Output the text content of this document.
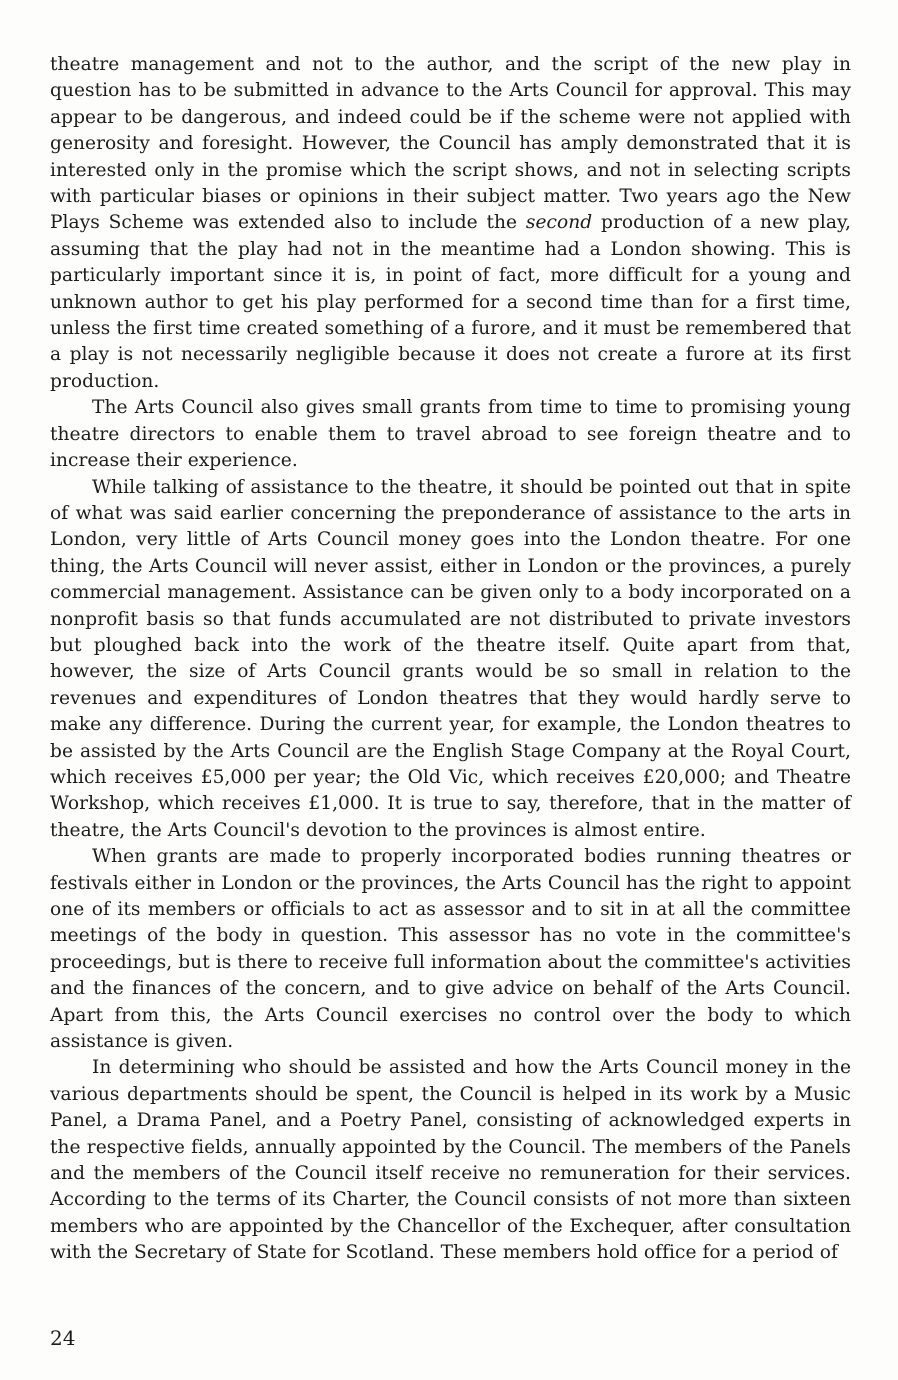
theatre management and not to the author, and the script of the new play in question has to be submitted in advance to the Arts Council for approval. This may appear to be dangerous, and indeed could be if the scheme were not applied with generosity and foresight. However, the Council has amply demonstrated that it is interested only in the promise which the script shows, and not in selecting scripts with particular biases or opinions in their subject matter. Two years ago the New Plays Scheme was extended also to include the second production of a new play, assuming that the play had not in the meantime had a London showing. This is particularly important since it is, in point of fact, more difficult for a young and unknown author to get his play performed for a second time than for a first time, unless the first time created something of a furore, and it must be remembered that a play is not necessarily negligible because it does not create a furore at its first production.

The Arts Council also gives small grants from time to time to promising young theatre directors to enable them to travel abroad to see foreign theatre and to increase their experience.

While talking of assistance to the theatre, it should be pointed out that in spite of what was said earlier concerning the preponderance of assistance to the arts in London, very little of Arts Council money goes into the London theatre. For one thing, the Arts Council will never assist, either in London or the provinces, a purely commercial management. Assistance can be given only to a body incorporated on a nonprofit basis so that funds accumulated are not distributed to private investors but ploughed back into the work of the theatre itself. Quite apart from that, however, the size of Arts Council grants would be so small in relation to the revenues and expenditures of London theatres that they would hardly serve to make any difference. During the current year, for example, the London theatres to be assisted by the Arts Council are the English Stage Company at the Royal Court, which receives £5,000 per year; the Old Vic, which receives £20,000; and Theatre Workshop, which receives £1,000. It is true to say, therefore, that in the matter of theatre, the Arts Council's devotion to the provinces is almost entire.

When grants are made to properly incorporated bodies running theatres or festivals either in London or the provinces, the Arts Council has the right to appoint one of its members or officials to act as assessor and to sit in at all the committee meetings of the body in question. This assessor has no vote in the committee's proceedings, but is there to receive full information about the committee's activities and the finances of the concern, and to give advice on behalf of the Arts Council. Apart from this, the Arts Council exercises no control over the body to which assistance is given.

In determining who should be assisted and how the Arts Council money in the various departments should be spent, the Council is helped in its work by a Music Panel, a Drama Panel, and a Poetry Panel, consisting of acknowledged experts in the respective fields, annually appointed by the Council. The members of the Panels and the members of the Council itself receive no remuneration for their services. According to the terms of its Charter, the Council consists of not more than sixteen members who are appointed by the Chancellor of the Exchequer, after consultation with the Secretary of State for Scotland. These members hold office for a period of

24
